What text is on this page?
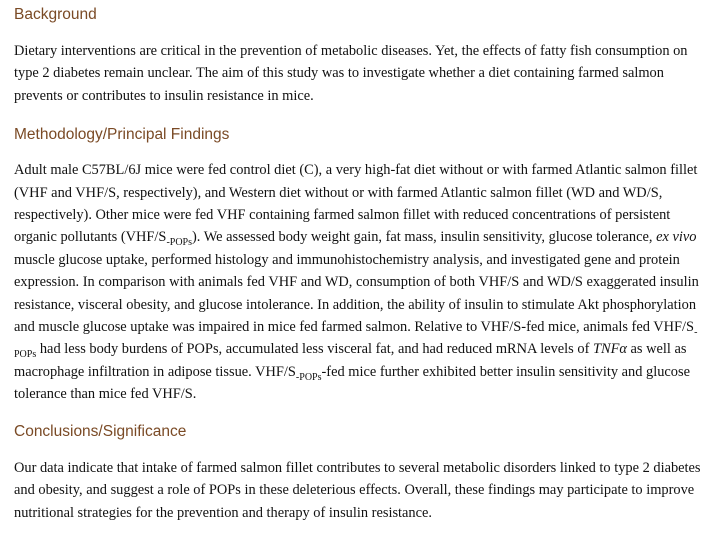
Background

Dietary interventions are critical in the prevention of metabolic diseases. Yet, the effects of fatty fish consumption on type 2 diabetes remain unclear. The aim of this study was to investigate whether a diet containing farmed salmon prevents or contributes to insulin resistance in mice.

Methodology/Principal Findings

Adult male C57BL/6J mice were fed control diet (C), a very high-fat diet without or with farmed Atlantic salmon fillet (VHF and VHF/S, respectively), and Western diet without or with farmed Atlantic salmon fillet (WD and WD/S, respectively). Other mice were fed VHF containing farmed salmon fillet with reduced concentrations of persistent organic pollutants $(VHF/S_{-POPs})$. We assessed body weight gain, fat mass, insulin sensitivity, glucose tolerance, ex vivo muscle glucose uptake, performed histology and immunohistochemistry analysis, and investigated gene and protein expression. In comparison with animals fed VHF and WD, consumption of both VHF/S and WD/S exaggerated insulin resistance, visceral obesity, and glucose intolerance. In addition, the ability of insulin to stimulate Akt phosphorylation and muscle glucose uptake was impaired in mice fed farmed salmon. Relative to VHF/S-fed mice, animals fed VHF/$S_{-POPs}$ had less body burdens of POPs, accumulated less visceral fat, and had reduced mRNA levels of TNFα as well as macrophage infiltration in adipose tissue. VHF/$S_{-POPs}$-fed mice further exhibited better insulin sensitivity and glucose tolerance than mice fed VHF/S.

Conclusions/Significance

Our data indicate that intake of farmed salmon fillet contributes to several metabolic disorders linked to type 2 diabetes and obesity, and suggest a role of POPs in these deleterious effects. Overall, these findings may participate to improve nutritional strategies for the prevention and therapy of insulin resistance.
